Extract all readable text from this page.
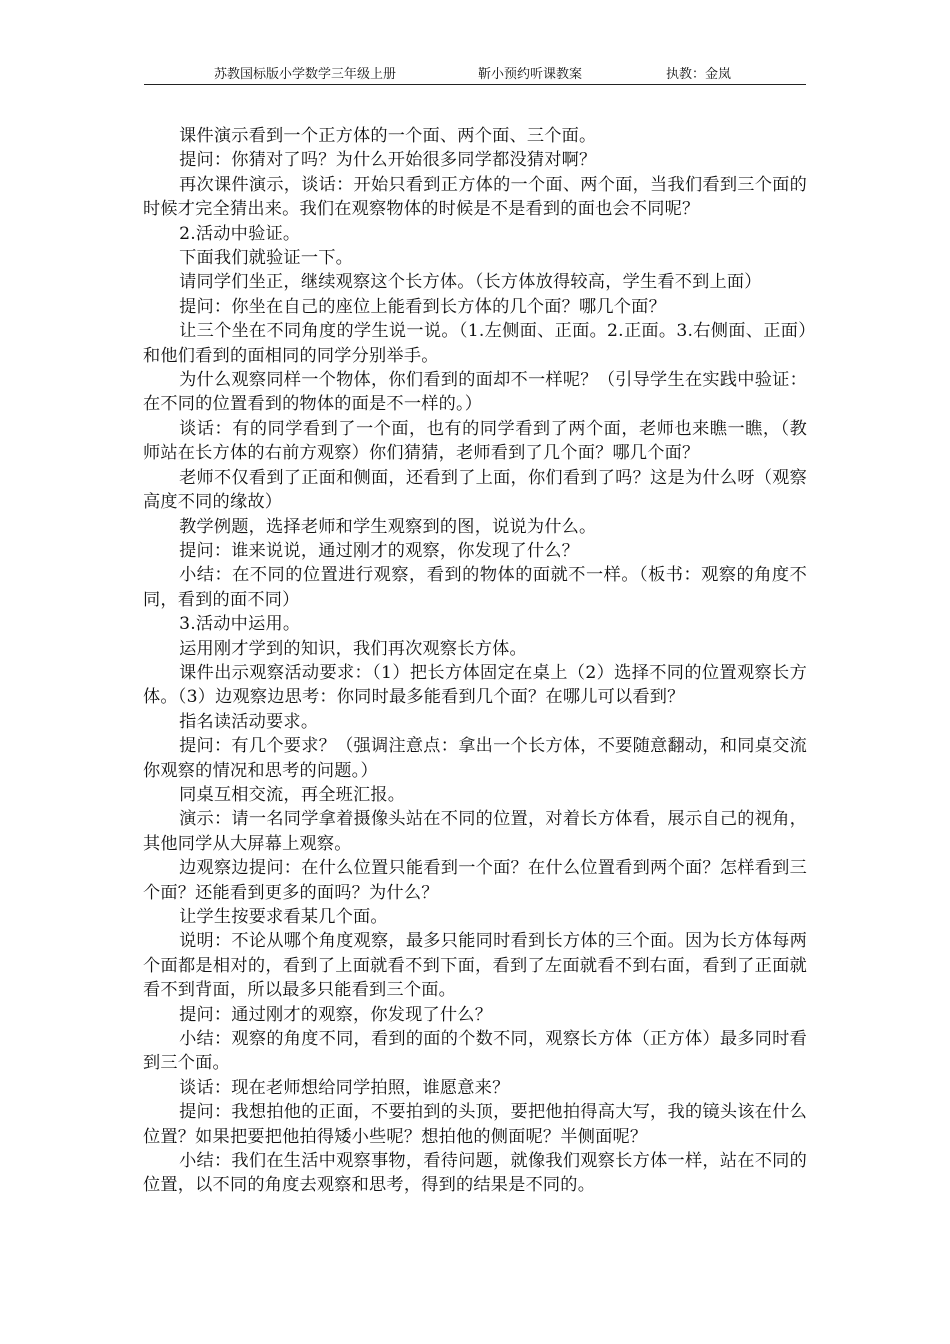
苏教国标版小学数学三年级上册	靳小预约听课教案	执教：金岚

课件演示看到一个正方体的一个面、两个面、三个面。

提问：你猜对了吗？为什么开始很多同学都没猜对啊？

再次课件演示，谈话：开始只看到正方体的一个面、两个面，当我们看到三个面的时候才完全猜出来。我们在观察物体的时候是不是看到的面也会不同呢？

2.活动中验证。

下面我们就验证一下。

请同学们坐正，继续观察这个长方体。（长方体放得较高，学生看不到上面）

提问：你坐在自己的座位上能看到长方体的几个面？哪几个面？

让三个坐在不同角度的学生说一说。（1.左侧面、正面。2.正面。3.右侧面、正面）和他们看到的面相同的同学分别举手。

为什么观察同样一个物体，你们看到的面却不一样呢？（引导学生在实践中验证：在不同的位置看到的物体的面是不一样的。）

谈话：有的同学看到了一个面，也有的同学看到了两个面，老师也来瞧一瞧，（教师站在长方体的右前方观察）你们猜猜，老师看到了几个面？哪几个面？

老师不仅看到了正面和侧面，还看到了上面，你们看到了吗？这是为什么呀（观察高度不同的缘故）

教学例题，选择老师和学生观察到的图，说说为什么。

提问：谁来说说，通过刚才的观察，你发现了什么？

小结：在不同的位置进行观察，看到的物体的面就不一样。（板书：观察的角度不同，看到的面不同）

3.活动中运用。

运用刚才学到的知识，我们再次观察长方体。

课件出示观察活动要求：（1）把长方体固定在桌上（2）选择不同的位置观察长方体。（3）边观察边思考：你同时最多能看到几个面？在哪儿可以看到？

指名读活动要求。

提问：有几个要求？（强调注意点：拿出一个长方体，不要随意翻动，和同桌交流你观察的情况和思考的问题。）

同桌互相交流，再全班汇报。

演示：请一名同学拿着摄像头站在不同的位置，对着长方体看，展示自己的视角，其他同学从大屏幕上观察。

边观察边提问：在什么位置只能看到一个面？在什么位置看到两个面？怎样看到三个面？还能看到更多的面吗？为什么？

让学生按要求看某几个面。

说明：不论从哪个角度观察，最多只能同时看到长方体的三个面。因为长方体每两个面都是相对的，看到了上面就看不到下面，看到了左面就看不到右面，看到了正面就看不到背面，所以最多只能看到三个面。

提问：通过刚才的观察，你发现了什么？

小结：观察的角度不同，看到的面的个数不同，观察长方体（正方体）最多同时看到三个面。

谈话：现在老师想给同学拍照，谁愿意来？

提问：我想拍他的正面，不要拍到的头顶，要把他拍得高大写，我的镜头该在什么位置？如果把要把他拍得矮小些呢？想拍他的侧面呢？半侧面呢？

小结：我们在生活中观察事物，看待问题，就像我们观察长方体一样，站在不同的位置，以不同的角度去观察和思考，得到的结果是不同的。
